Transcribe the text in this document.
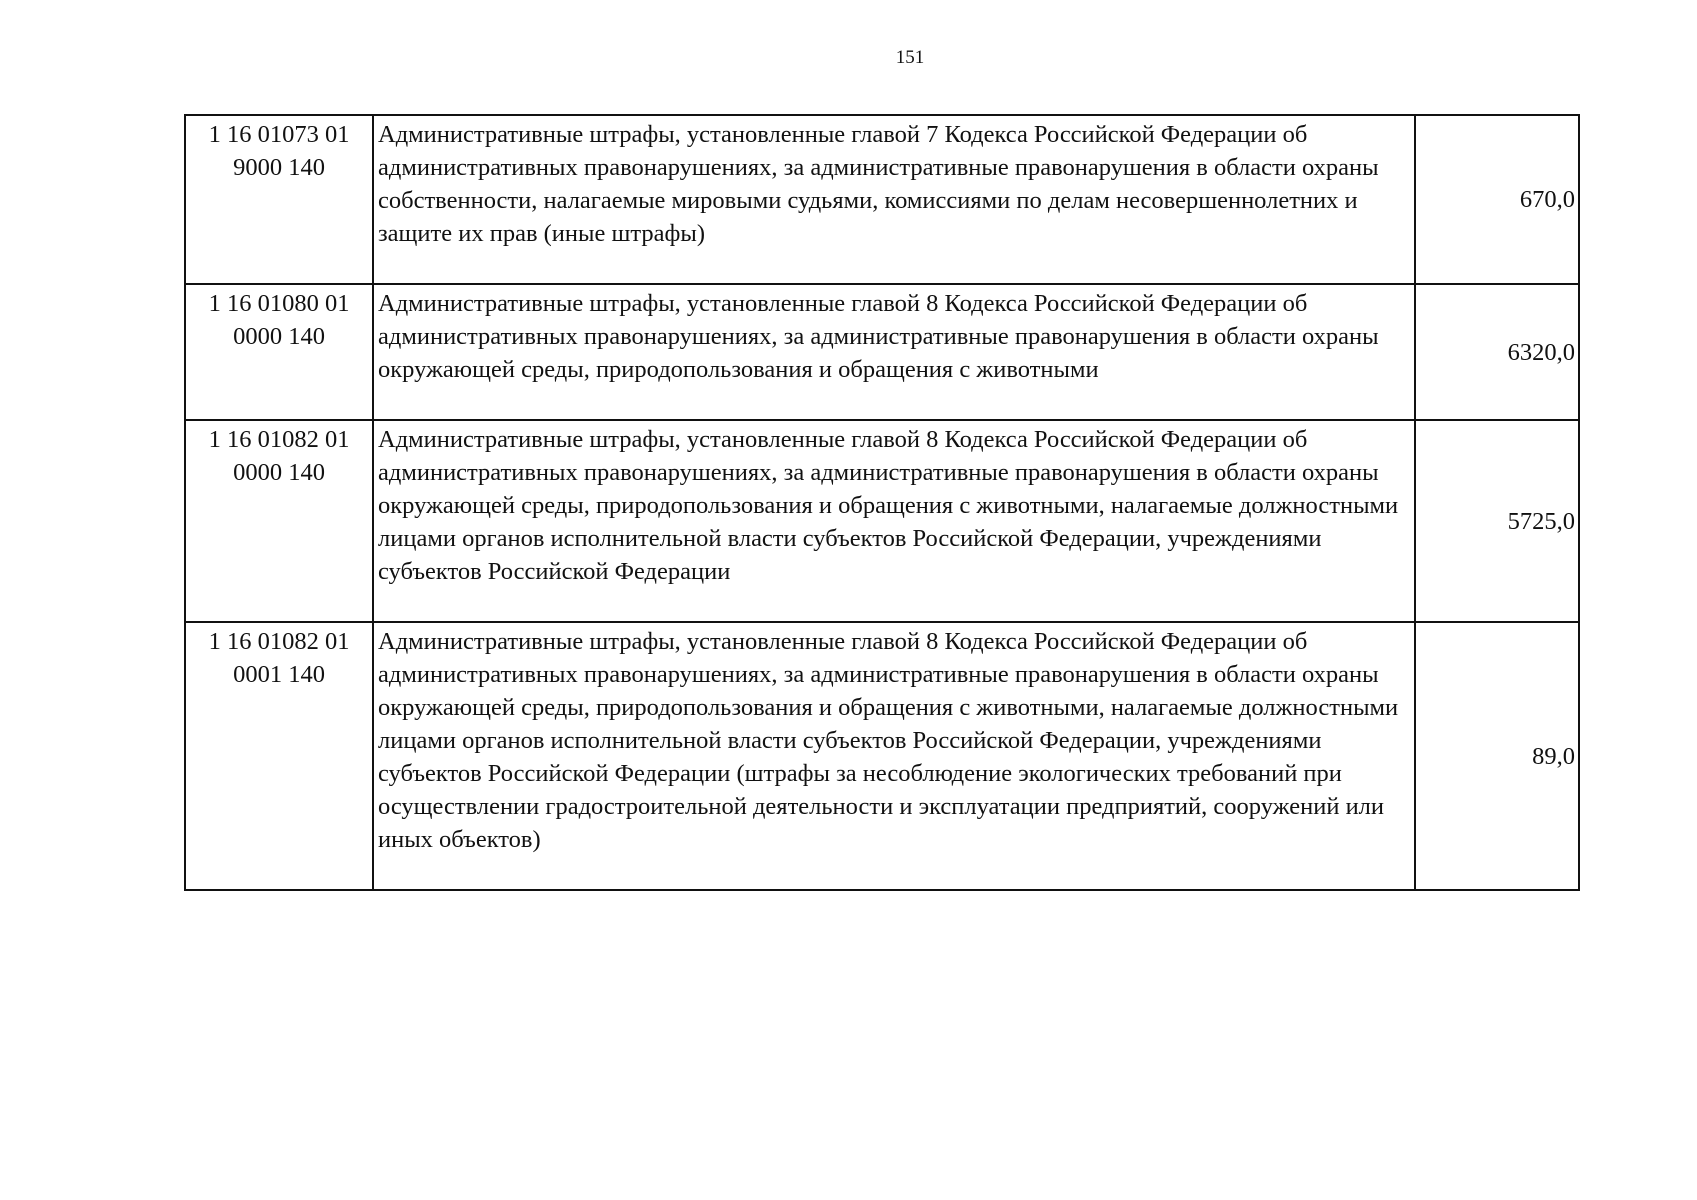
151
1 16 01073 01
9000 140	Административные штрафы, установленные главой 7 Кодекса Российской Федерации об административных правонарушениях, за административные правонарушения в области охраны собственности, налагаемые мировыми судьями, комиссиями по делам несовершеннолетних и защите их прав (иные штрафы)	670,0

1 16 01080 01
0000 140	Административные штрафы, установленные главой 8 Кодекса Российской Федерации об административных правонарушениях, за административные правонарушения в области охраны окружающей среды, природопользования и обращения с животными	6320,0

1 16 01082 01
0000 140	Административные штрафы, установленные главой 8 Кодекса Российской Федерации об административных правонарушениях, за административные правонарушения в области охраны окружающей среды, природопользования и обращения с животными, налагаемые должностными лицами органов исполнительной власти субъектов Российской Федерации, учреждениями субъектов Российской Федерации	5725,0

1 16 01082 01
0001 140	Административные штрафы, установленные главой 8 Кодекса Российской Федерации об административных правонарушениях, за административные правонарушения в области охраны окружающей среды, природопользования и обращения с животными, налагаемые должностными лицами органов исполнительной власти субъектов Российской Федерации, учреждениями субъектов Российской Федерации (штрафы за несоблюдение экологических требований при осуществлении градостроительной деятельности и эксплуатации предприятий, сооружений или иных объектов)	89,0
